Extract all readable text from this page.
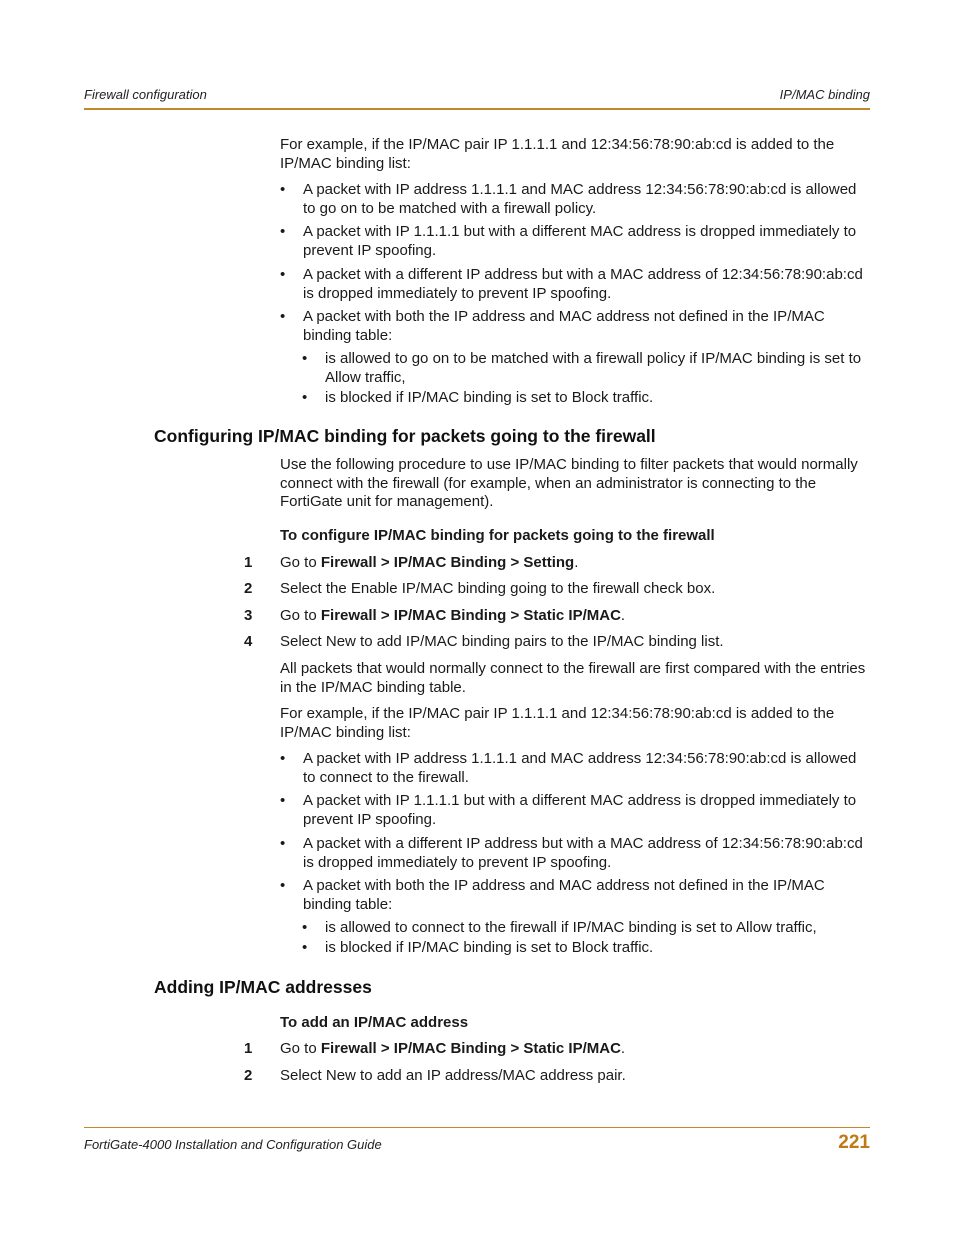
Firewall configuration	IP/MAC binding
For example, if the IP/MAC pair IP 1.1.1.1 and 12:34:56:78:90:ab:cd is added to the IP/MAC binding list:
• A packet with IP address 1.1.1.1 and MAC address 12:34:56:78:90:ab:cd is allowed to go on to be matched with a firewall policy.
• A packet with IP 1.1.1.1 but with a different MAC address is dropped immediately to prevent IP spoofing.
• A packet with a different IP address but with a MAC address of 12:34:56:78:90:ab:cd is dropped immediately to prevent IP spoofing.
• A packet with both the IP address and MAC address not defined in the IP/MAC binding table:
• is allowed to go on to be matched with a firewall policy if IP/MAC binding is set to Allow traffic,
• is blocked if IP/MAC binding is set to Block traffic.
Configuring IP/MAC binding for packets going to the firewall
Use the following procedure to use IP/MAC binding to filter packets that would normally connect with the firewall (for example, when an administrator is connecting to the FortiGate unit for management).
To configure IP/MAC binding for packets going to the firewall
1 Go to Firewall > IP/MAC Binding > Setting.
2 Select the Enable IP/MAC binding going to the firewall check box.
3 Go to Firewall > IP/MAC Binding > Static IP/MAC.
4 Select New to add IP/MAC binding pairs to the IP/MAC binding list.
All packets that would normally connect to the firewall are first compared with the entries in the IP/MAC binding table.
For example, if the IP/MAC pair IP 1.1.1.1 and 12:34:56:78:90:ab:cd is added to the IP/MAC binding list:
• A packet with IP address 1.1.1.1 and MAC address 12:34:56:78:90:ab:cd is allowed to connect to the firewall.
• A packet with IP 1.1.1.1 but with a different MAC address is dropped immediately to prevent IP spoofing.
• A packet with a different IP address but with a MAC address of 12:34:56:78:90:ab:cd is dropped immediately to prevent IP spoofing.
• A packet with both the IP address and MAC address not defined in the IP/MAC binding table:
• is allowed to connect to the firewall if IP/MAC binding is set to Allow traffic,
• is blocked if IP/MAC binding is set to Block traffic.
Adding IP/MAC addresses
To add an IP/MAC address
1 Go to Firewall > IP/MAC Binding > Static IP/MAC.
2 Select New to add an IP address/MAC address pair.
FortiGate-4000 Installation and Configuration Guide	221
